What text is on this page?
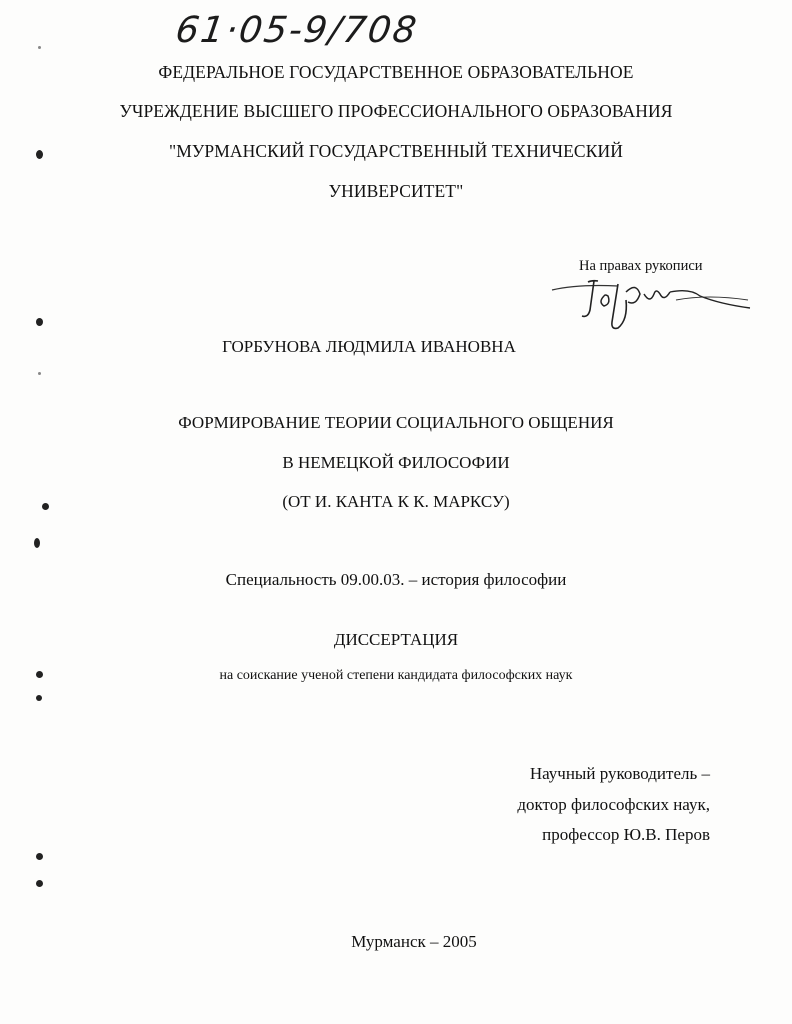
61·05-9/708
ФЕДЕРАЛЬНОЕ ГОСУДАРСТВЕННОЕ ОБРАЗОВАТЕЛЬНОЕ
УЧРЕЖДЕНИЕ ВЫСШЕГО ПРОФЕССИОНАЛЬНОГО ОБРАЗОВАНИЯ
"МУРМАНСКИЙ ГОСУДАРСТВЕННЫЙ ТЕХНИЧЕСКИЙ
УНИВЕРСИТЕТ"
На правах рукописи
ГОРБУНОВА ЛЮДМИЛА ИВАНОВНА
ФОРМИРОВАНИЕ ТЕОРИИ СОЦИАЛЬНОГО ОБЩЕНИЯ
В НЕМЕЦКОЙ ФИЛОСОФИИ
(ОТ И. КАНТА К К. МАРКСУ)
Специальность 09.00.03. – история философии
ДИССЕРТАЦИЯ
на соискание ученой степени кандидата философских наук
Научный руководитель –
доктор философских наук,
профессор Ю.В. Перов
Мурманск – 2005
